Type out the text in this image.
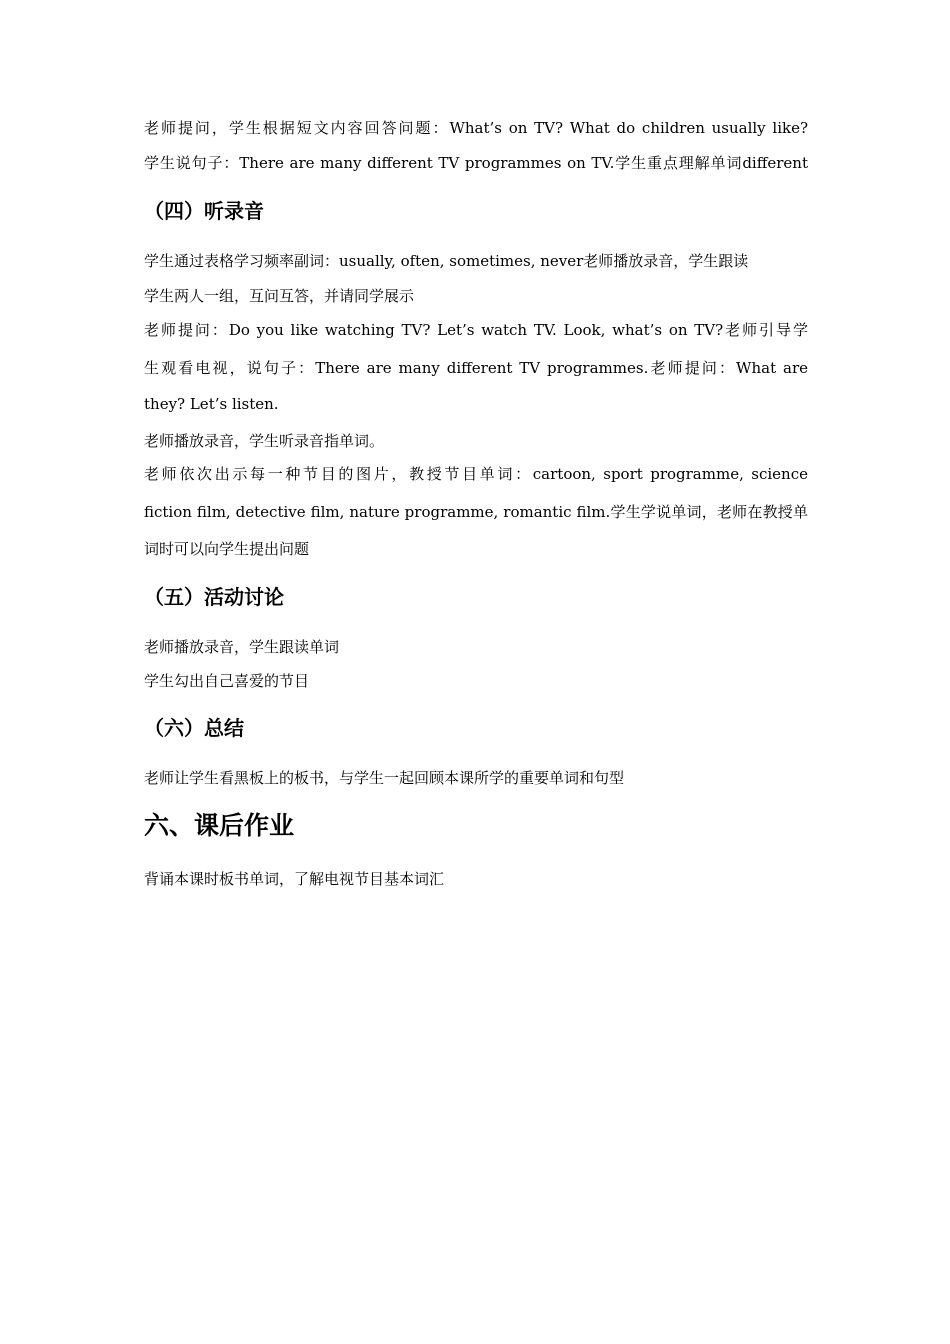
老师提问，学生根据短文内容回答问题：What’s on TV? What do children usually like?
学生说句子：There are many different TV programmes on TV.学生重点理解单词different
（四）听录音
学生通过表格学习频率副词：usually, often, sometimes, never老师播放录音，学生跟读
学生两人一组，互问互答，并请同学展示
老师提问：Do you like watching TV? Let’s watch TV. Look, what’s on TV?老师引导学
生观看电视，说句子：There are many different TV programmes.老师提问：What are
they? Let’s listen.
老师播放录音，学生听录音指单词。
老师依次出示每一种节目的图片，教授节目单词：cartoon, sport programme, science
fiction film, detective film, nature programme, romantic film.学生学说单词，老师在教授单
词时可以向学生提出问题
（五）活动讨论
老师播放录音，学生跟读单词
学生勾出自己喜爱的节目
（六）总结
老师让学生看黑板上的板书，与学生一起回顾本课所学的重要单词和句型
六、课后作业
背诵本课时板书单词，了解电视节目基本词汇
